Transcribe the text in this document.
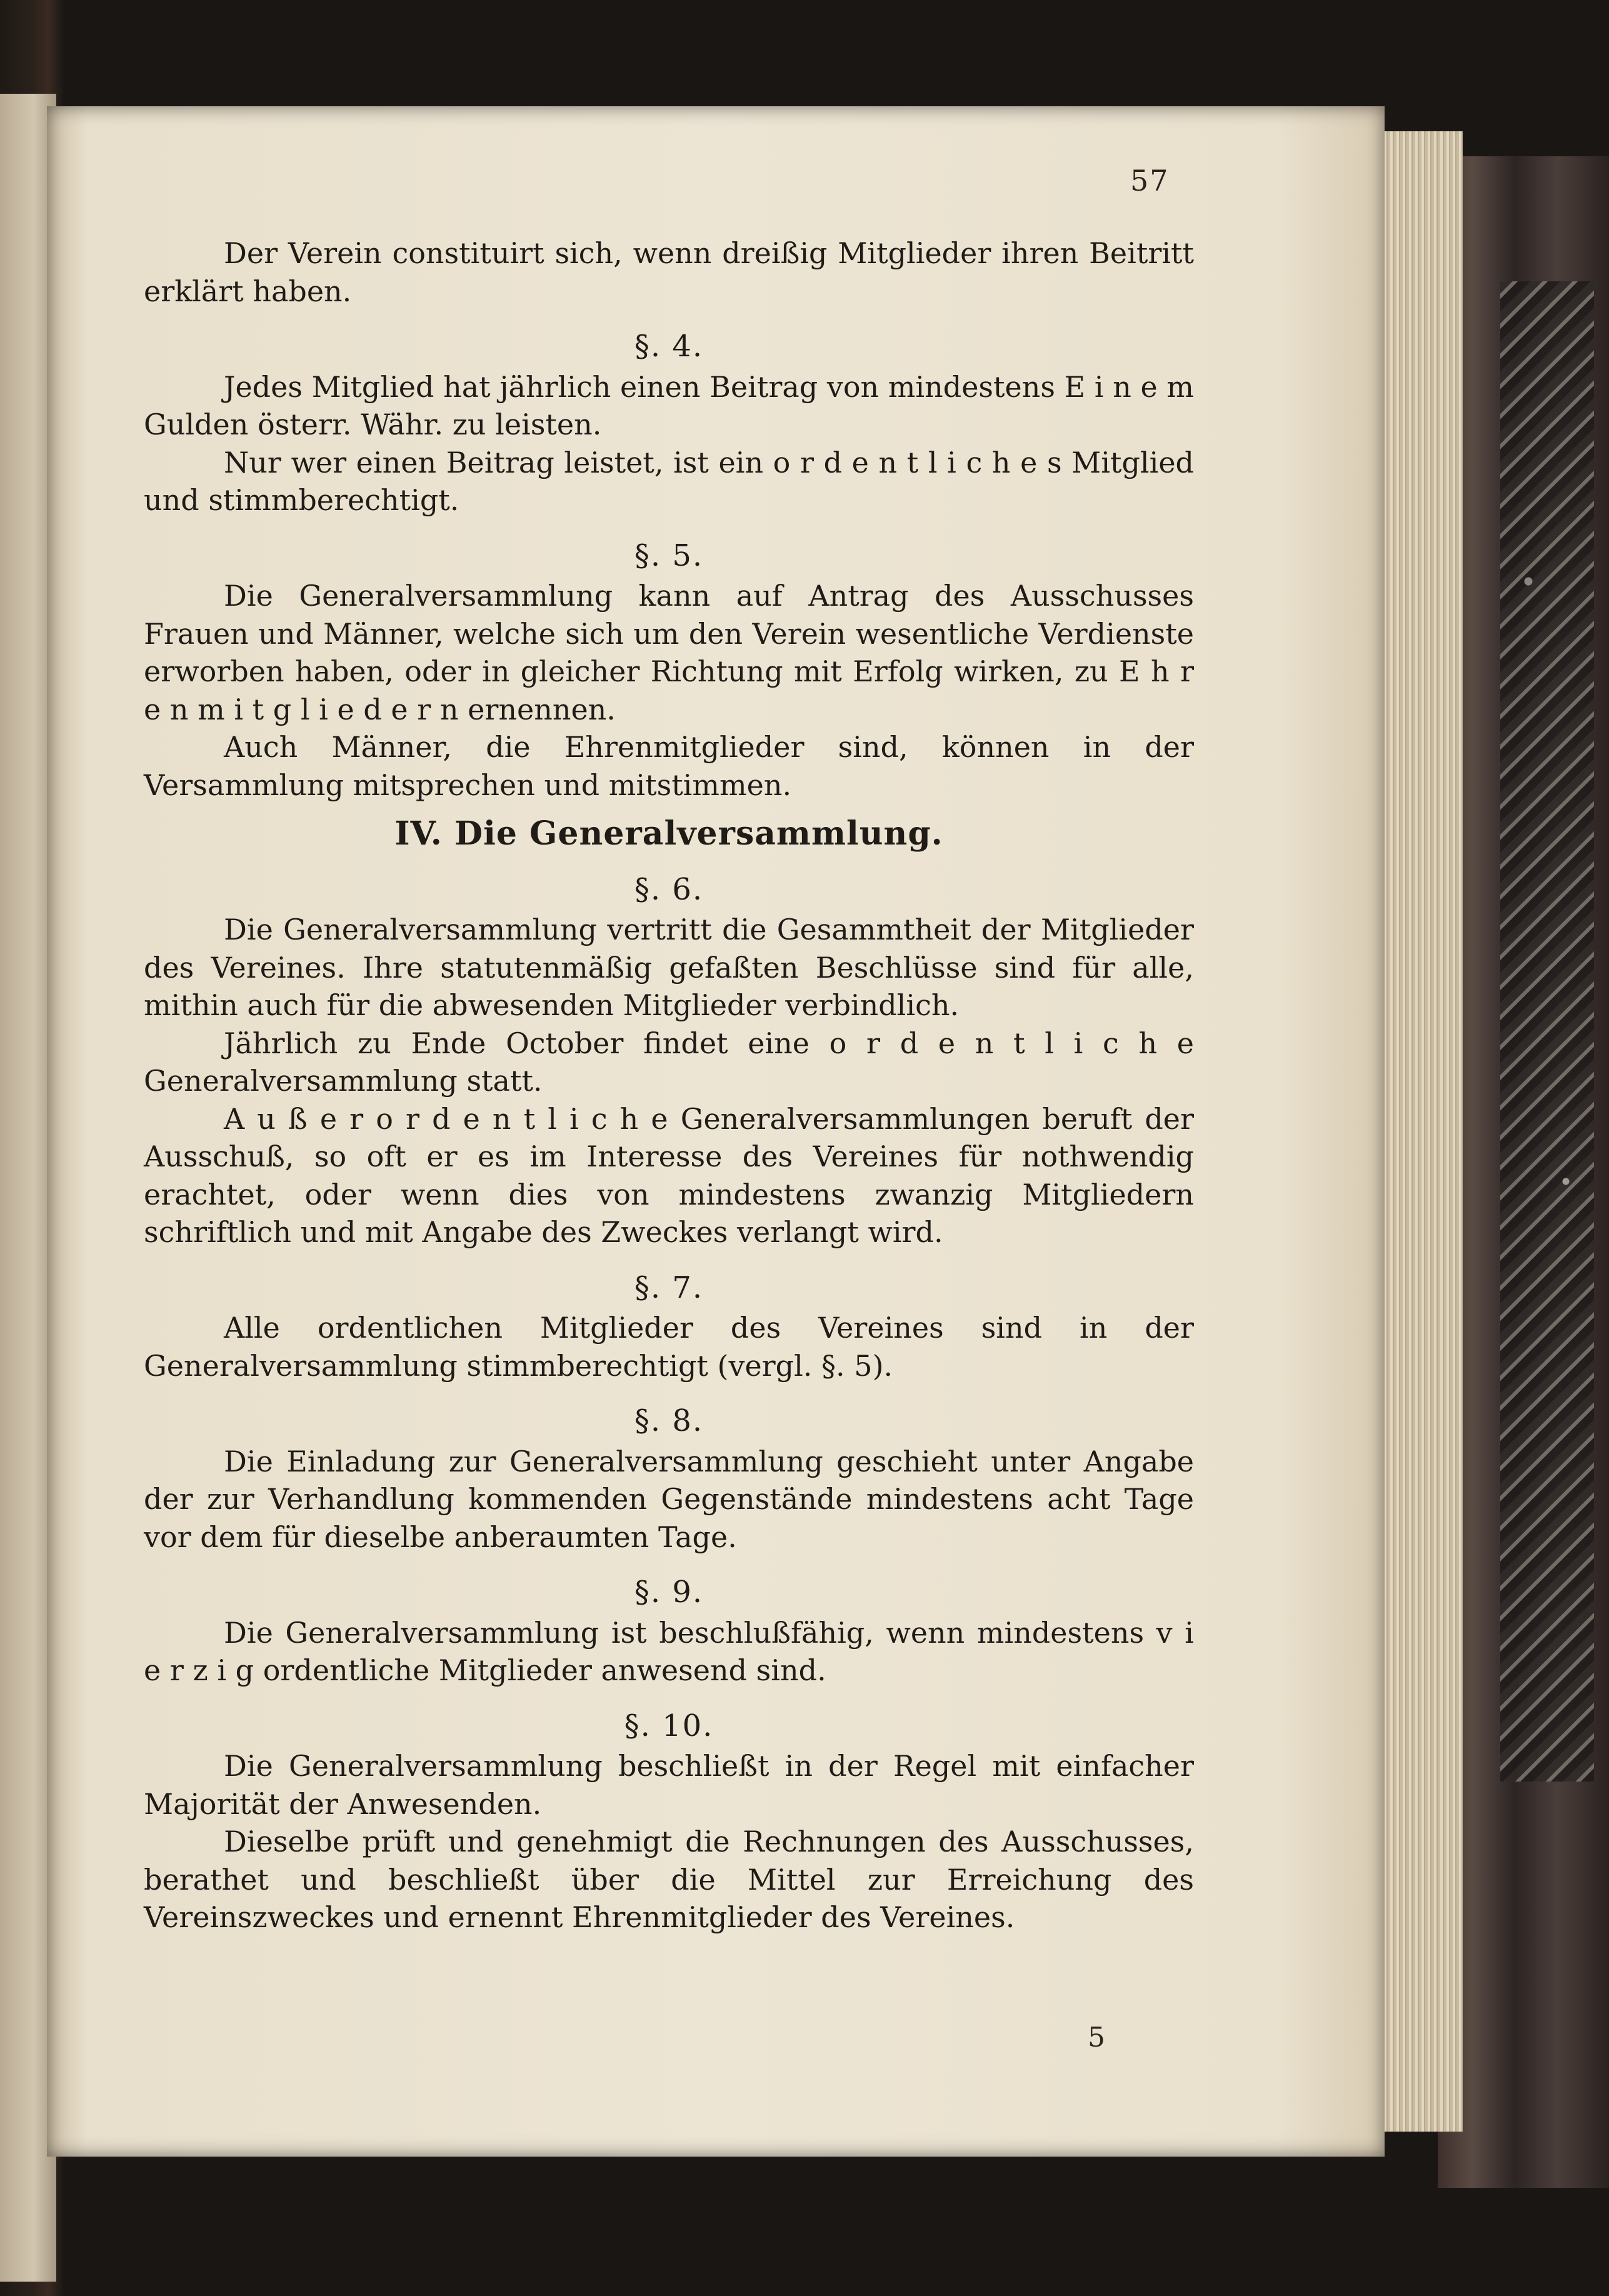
57

Der Verein constituirt sich, wenn dreißig Mitglieder ihren Beitritt erklärt haben.

§. 4.

Jedes Mitglied hat jährlich einen Beitrag von mindestens E i n e m Gulden österr. Währ. zu leisten.

Nur wer einen Beitrag leistet, ist ein o r d e n t l i c h e s Mitglied und stimmberechtigt.

§. 5.

Die Generalversammlung kann auf Antrag des Ausschusses Frauen und Männer, welche sich um den Verein wesentliche Verdienste erworben haben, oder in gleicher Richtung mit Erfolg wirken, zu E h r e n m i t g l i e d e r n ernennen.

Auch Männer, die Ehrenmitglieder sind, können in der Versammlung mitsprechen und mitstimmen.

IV. Die Generalversammlung.
§. 6.

Die Generalversammlung vertritt die Gesammtheit der Mitglieder des Vereines. Ihre statutenmäßig gefaßten Beschlüsse sind für alle, mithin auch für die abwesenden Mitglieder verbindlich.

Jährlich zu Ende October findet eine o r d e n t l i c h e Generalversammlung statt.

A u ß e r o r d e n t l i c h e Generalversammlungen beruft der Ausschuß, so oft er es im Interesse des Vereines für nothwendig erachtet, oder wenn dies von mindestens zwanzig Mitgliedern schriftlich und mit Angabe des Zweckes verlangt wird.

§. 7.

Alle ordentlichen Mitglieder des Vereines sind in der Generalversammlung stimmberechtigt (vergl. §. 5).

§. 8.

Die Einladung zur Generalversammlung geschieht unter Angabe der zur Verhandlung kommenden Gegenstände mindestens acht Tage vor dem für dieselbe anberaumten Tage.

§. 9.

Die Generalversammlung ist beschlußfähig, wenn mindestens v i e r z i g ordentliche Mitglieder anwesend sind.

§. 10.

Die Generalversammlung beschließt in der Regel mit einfacher Majorität der Anwesenden.

Dieselbe prüft und genehmigt die Rechnungen des Ausschusses, berathet und beschließt über die Mittel zur Erreichung des Vereinszweckes und ernennt Ehrenmitglieder des Vereines.

5
